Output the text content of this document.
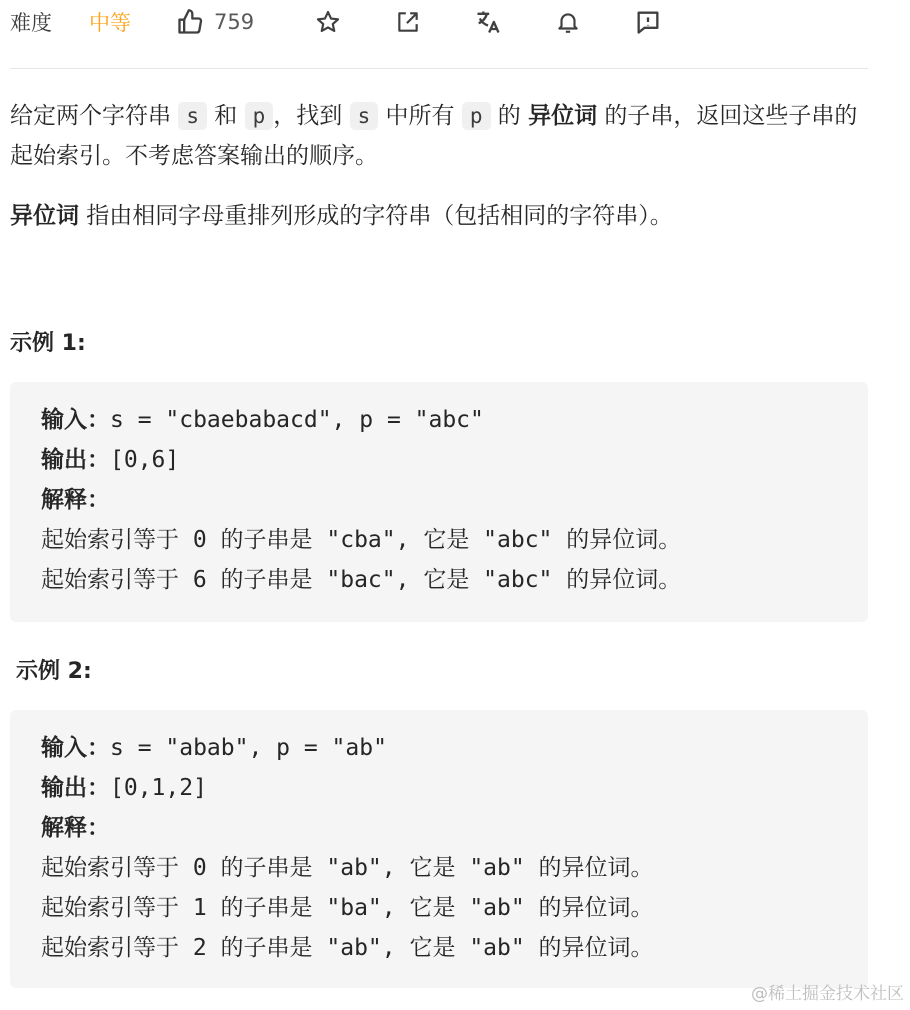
难度 中等	759
给定两个字符串 s 和 p ，找到 s 中所有 p 的 异位词 的子串，返回这些子串的起始索引。不考虑答案输出的顺序。
异位词 指由相同字母重排列形成的字符串（包括相同的字符串）。
示例 1:
输入：s = "cbaebabacd", p = "abc"
输出：[0,6]
解释：
起始索引等于 0 的子串是 "cba", 它是 "abc" 的异位词。
起始索引等于 6 的子串是 "bac", 它是 "abc" 的异位词。
示例 2:
输入：s = "abab", p = "ab"
输出：[0,1,2]
解释：
起始索引等于 0 的子串是 "ab", 它是 "ab" 的异位词。
起始索引等于 1 的子串是 "ba", 它是 "ab" 的异位词。
起始索引等于 2 的子串是 "ab", 它是 "ab" 的异位词。
@稀土掘金技术社区
